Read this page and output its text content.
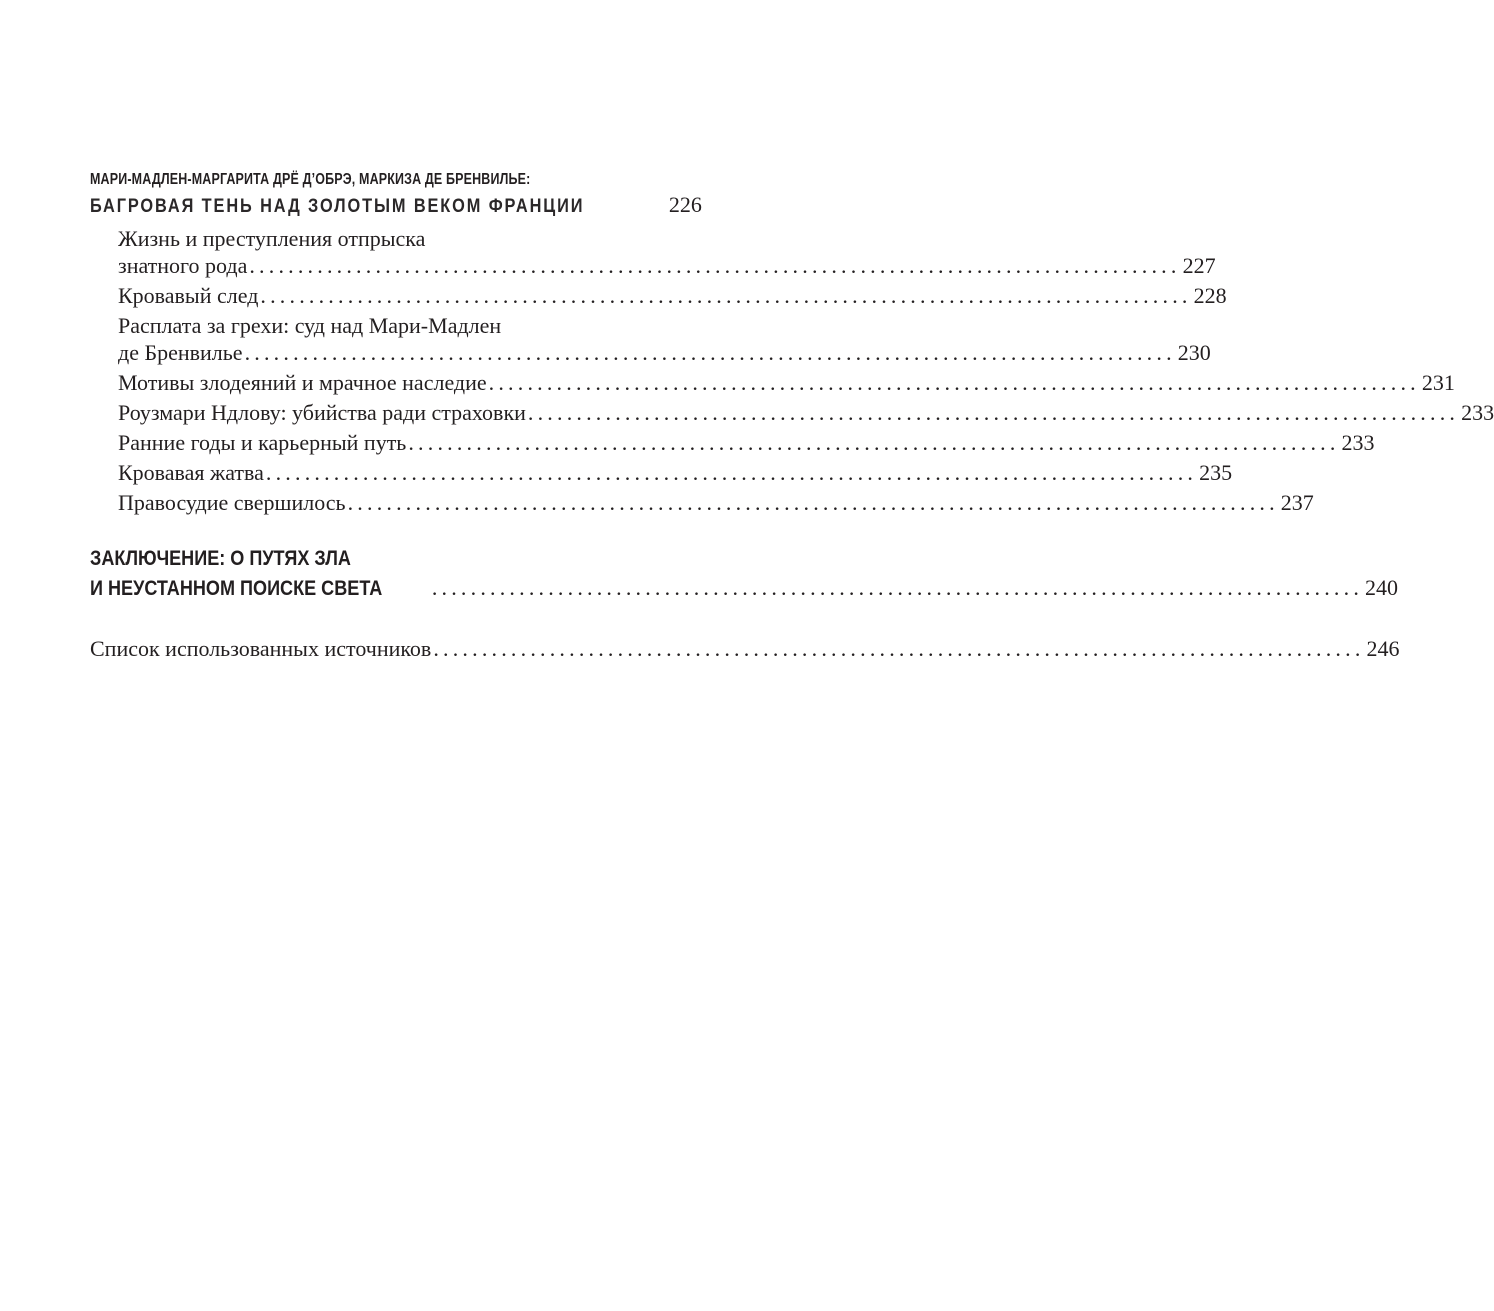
МАРИ-МАДЛЕН-МАРГАРИТА ДРЁ Д’ОБРЭ, МАРКИЗА ДЕ БРЕНВИЛЬЕ:
БАГРОВАЯ ТЕНЬ НАД ЗОЛОТЫМ ВЕКОМ ФРАНЦИИ	226
Жизнь и преступления отпрыска
знатного рода ................................................................................................ 227
Кровавый след ................................................................................................ 228
Расплата за грехи: суд над Мари-Мадлен
де Бренвилье ................................................................................................ 230
Мотивы злодеяний и мрачное наследие ................................................................................................ 231
Роузмари Ндлову: убийства ради страховки ................................................................................................ 233
Ранние годы и карьерный путь ................................................................................................ 233
Кровавая жатва ................................................................................................ 235
Правосудие свершилось ................................................................................................ 237
ЗАКЛЮЧЕНИЕ: О ПУТЯХ ЗЛА
И НЕУСТАННОМ ПОИСКЕ СВЕТА	................................................................................................ 240
Список использованных источников ................................................................................................ 246
